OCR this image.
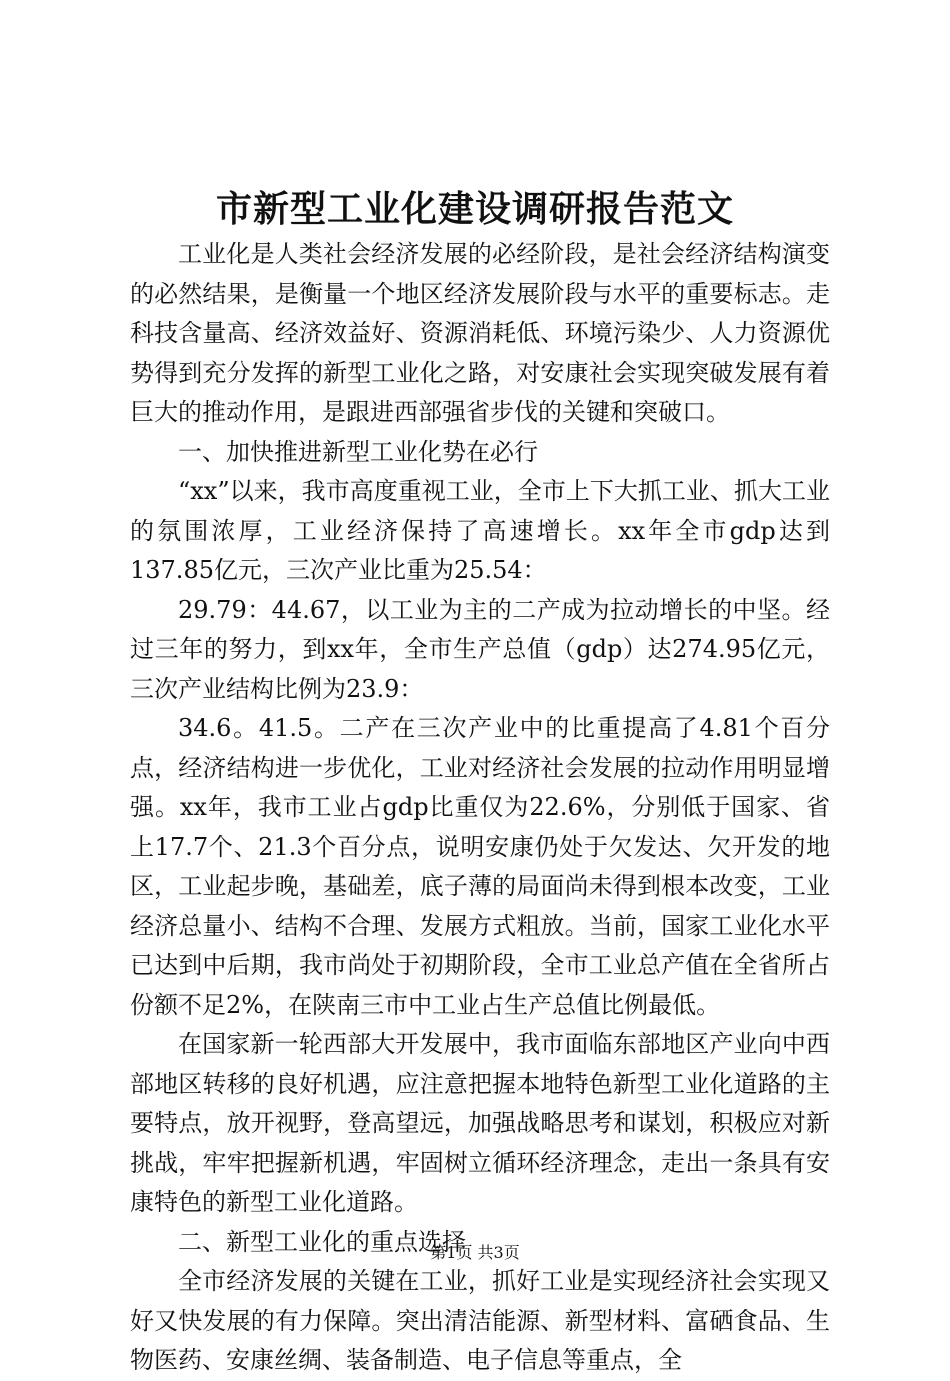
市新型工业化建设调研报告范文

工业化是人类社会经济发展的必经阶段，是社会经济结构演变的必然结果，是衡量一个地区经济发展阶段与水平的重要标志。走科技含量高、经济效益好、资源消耗低、环境污染少、人力资源优势得到充分发挥的新型工业化之路，对安康社会实现突破发展有着巨大的推动作用，是跟进西部强省步伐的关键和突破口。

一、加快推进新型工业化势在必行

“xx”以来，我市高度重视工业，全市上下大抓工业、抓大工业的氛围浓厚，工业经济保持了高速增长。xx年全市gdp达到137.85亿元，三次产业比重为25.54：

29.79：44.67，以工业为主的二产成为拉动增长的中坚。经过三年的努力，到xx年，全市生产总值（gdp）达274.95亿元，三次产业结构比例为23.9：

34.6。41.5。二产在三次产业中的比重提高了4.81个百分点，经济结构进一步优化，工业对经济社会发展的拉动作用明显增强。xx年，我市工业占gdp比重仅为22.6%，分别低于国家、省上17.7个、21.3个百分点，说明安康仍处于欠发达、欠开发的地区，工业起步晚，基础差，底子薄的局面尚未得到根本改变，工业经济总量小、结构不合理、发展方式粗放。当前，国家工业化水平已达到中后期，我市尚处于初期阶段，全市工业总产值在全省所占份额不足2%，在陕南三市中工业占生产总值比例最低。

在国家新一轮西部大开发展中，我市面临东部地区产业向中西部地区转移的良好机遇，应注意把握本地特色新型工业化道路的主要特点，放开视野，登高望远，加强战略思考和谋划，积极应对新挑战，牢牢把握新机遇，牢固树立循环经济理念，走出一条具有安康特色的新型工业化道路。

二、新型工业化的重点选择

全市经济发展的关键在工业，抓好工业是实现经济社会实现又好又快发展的有力保障。突出清洁能源、新型材料、富硒食品、生物医药、安康丝绸、装备制造、电子信息等重点，全

第1页 共3页
